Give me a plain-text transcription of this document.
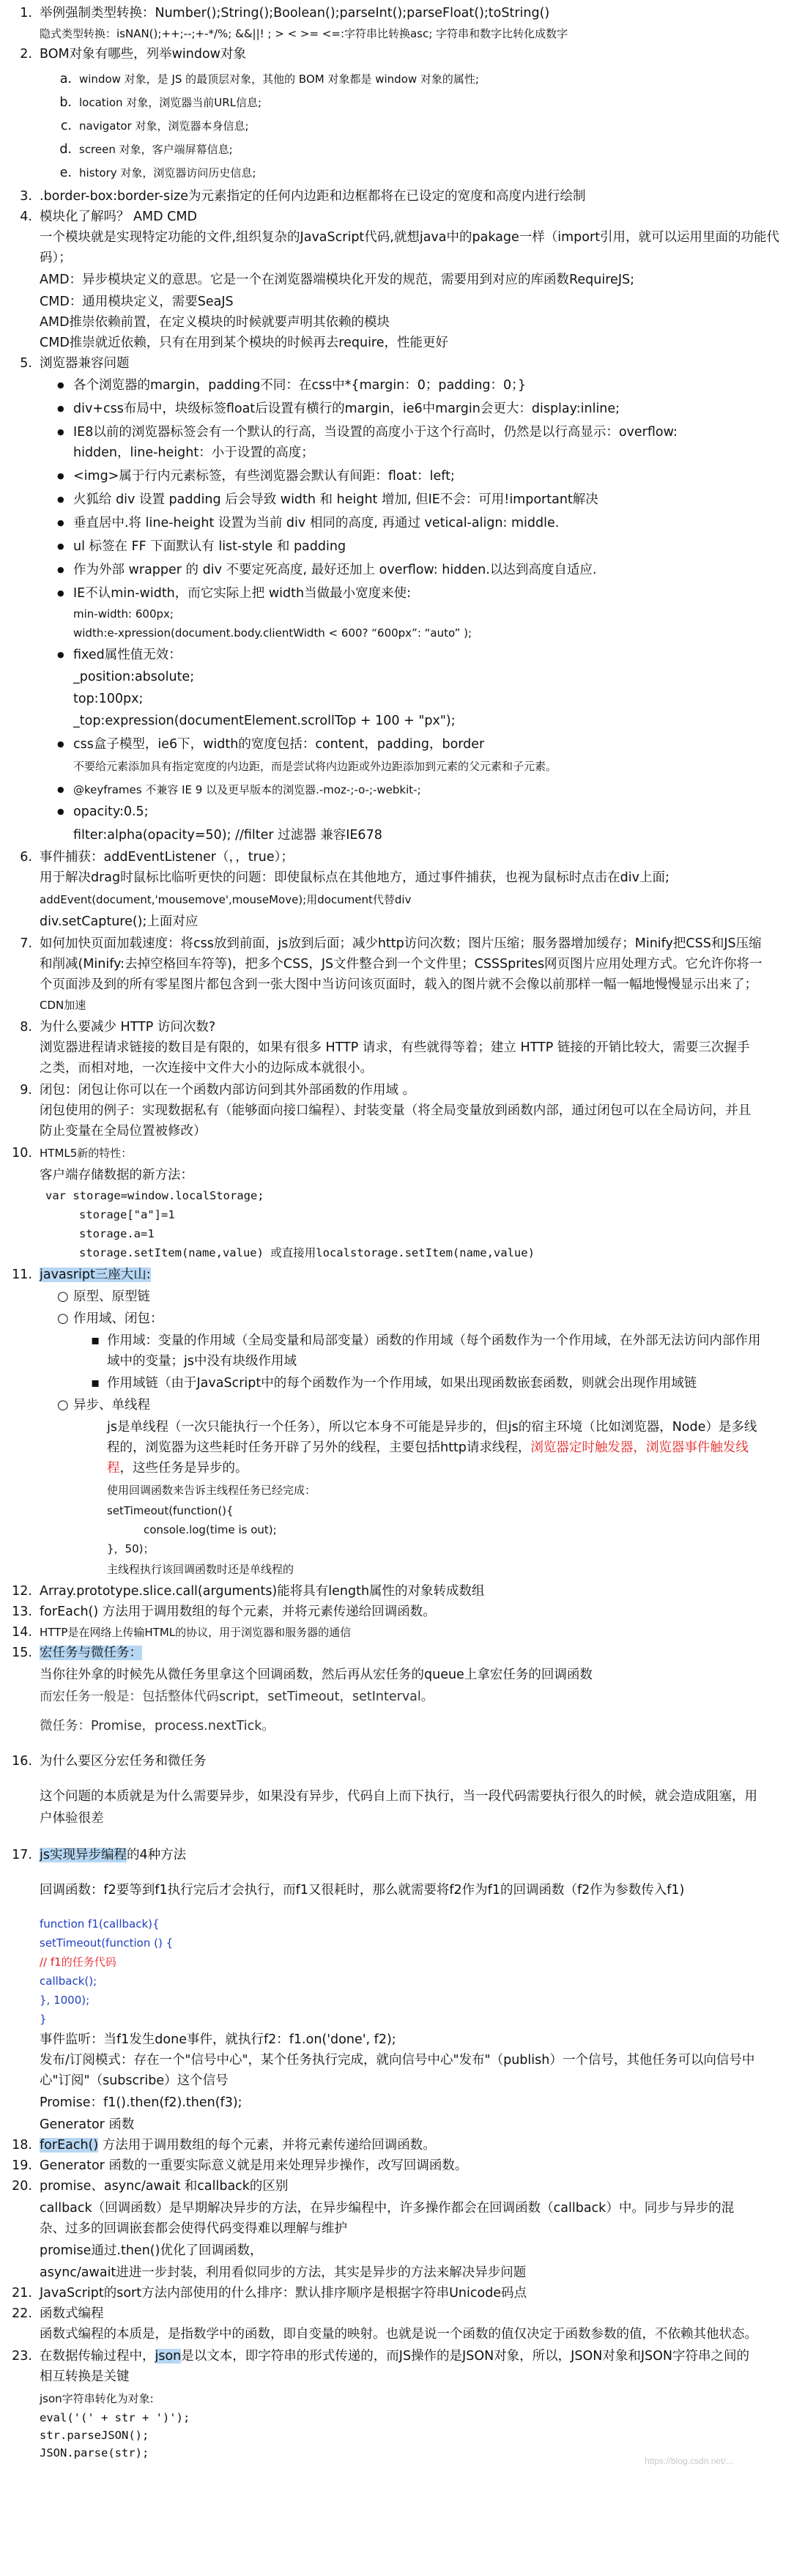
1. 举例强制类型转换：Number();String();Boolean();parseInt();parseFloat();toString()
隐式类型转换：isNAN();++;--;+-*/%; &&||! ; > < >= <=:字符串比转换asc; 字符串和数字比转化成数字
2. BOM对象有哪些，列举window对象
a. window 对象，是 JS 的最顶层对象，其他的 BOM 对象都是 window 对象的属性;
b. location 对象，浏览器当前URL信息;
c. navigator 对象，浏览器本身信息;
d. screen 对象，客户端屏幕信息;
e. history 对象，浏览器访问历史信息;
3. .border-box:border-size为元素指定的任何内边距和边框都将在已设定的宽度和高度内进行绘制
4. 模块化了解吗？ AMD CMD
一个模块就是实现特定功能的文件,组织复杂的JavaScript代码,就想java中的pakage一样（import引用，就可以运用里面的功能代
码）；
AMD：异步模块定义的意思。它是一个在浏览器端模块化开发的规范，需要用到对应的库函数RequireJS;
CMD：通用模块定义，需要SeaJS
AMD推崇依赖前置，在定义模块的时候就要声明其依赖的模块
CMD推崇就近依赖，只有在用到某个模块的时候再去require，性能更好
5. 浏览器兼容问题
● 各个浏览器的margin，padding不同：在css中*{margin：0；padding：0；}
● div+css布局中，块级标签float后设置有横行的margin，ie6中margin会更大：display:inline;
● IE8以前的浏览器标签会有一个默认的行高，当设置的高度小于这个行高时，仍然是以行高显示：overflow:
hidden，line-height：小于设置的高度；
● <img>属于行内元素标签，有些浏览器会默认有间距：float：left;
● 火狐给 div 设置 padding 后会导致 width 和 height 增加, 但IE不会：可用!important解决
● 垂直居中.将 line-height 设置为当前 div 相同的高度, 再通过 vetical-align: middle.
● ul 标签在 FF 下面默认有 list-style 和 padding
● 作为外部 wrapper 的 div 不要定死高度, 最好还加上 overflow: hidden.以达到高度自适应.
● IE不认min-width，而它实际上把 width当做最小宽度来使:
min-width: 600px;
width:e-xpression(document.body.clientWidth < 600? “600px”: “auto” );
● fixed属性值无效：
_position:absolute;
top:100px;
_top:expression(documentElement.scrollTop + 100 + "px");
● css盒子模型，ie6下，width的宽度包括：content，padding，border
不要给元素添加具有指定宽度的内边距，而是尝试将内边距或外边距添加到元素的父元素和子元素。
● @keyframes 不兼容 IE 9 以及更早版本的浏览器.-moz-;-o-;-webkit-;
● opacity:0.5;
filter:alpha(opacity=50); //filter 过滤器 兼容IE678
6. 事件捕获：addEventListener（，，true）；
用于解决drag时鼠标比临听更快的问题：即使鼠标点在其他地方，通过事件捕获，也视为鼠标时点击在div上面;
addEvent(document,'mousemove',mouseMove);用document代替div
div.setCapture();上面对应
7. 如何加快页面加载速度：将css放到前面，js放到后面；减少http访问次数；图片压缩；服务器增加缓存；Minify把CSS和JS压缩
和削减(Minify:去掉空格回车符等)，把多个CSS，JS文件整合到一个文件里；CSSSprites网页图片应用处理方式。它允许你将一
个页面涉及到的所有零星图片都包含到一张大图中当访问该页面时，载入的图片就不会像以前那样一幅一幅地慢慢显示出来了；
CDN加速
8. 为什么要减少 HTTP 访问次数?
浏览器进程请求链接的数目是有限的，如果有很多 HTTP 请求，有些就得等着；建立 HTTP 链接的开销比较大，需要三次握手
之类，而相对地，一次连接中文件大小的边际成本就很小。
9. 闭包：闭包让你可以在一个函数内部访问到其外部函数的作用域 。
闭包使用的例子：实现数据私有（能够面向接口编程）、封装变量（将全局变量放到函数内部，通过闭包可以在全局访问，并且
防止变量在全局位置被修改）
10. HTML5新的特性：
客户端存储数据的新方法：
var storage=window.localStorage;
storage["a"]=1
storage.a=1
storage.setItem(name,value) 或直接用localstorage.setItem(name,value)
11. javasript三座大山:
○ 原型、原型链
○ 作用域、闭包：
▪ 作用域：变量的作用域（全局变量和局部变量）函数的作用域（每个函数作为一个作用域，在外部无法访问内部作用
域中的变量；js中没有块级作用域
▪ 作用域链（由于JavaScript中的每个函数作为一个作用域，如果出现函数嵌套函数，则就会出现作用域链
○ 异步、单线程
js是单线程（一次只能执行一个任务），所以它本身不可能是异步的，但js的宿主环境（比如浏览器，Node）是多线
程的，浏览器为这些耗时任务开辟了另外的线程，主要包括http请求线程，浏览器定时触发器，浏览器事件触发线
程，这些任务是异步的。
使用回调函数来告诉主线程任务已经完成：
setTimeout(function(){
console.log(time is out);
}，50)；
主线程执行该回调函数时还是单线程的
12. Array.prototype.slice.call(arguments)能将具有length属性的对象转成数组
13. forEach() 方法用于调用数组的每个元素，并将元素传递给回调函数。
14. HTTP是在网络上传输HTML的协议，用于浏览器和服务器的通信
15. 宏任务与微任务：
当你往外拿的时候先从微任务里拿这个回调函数，然后再从宏任务的queue上拿宏任务的回调函数
而宏任务一般是：包括整体代码script，setTimeout，setInterval。
微任务：Promise，process.nextTick。
16. 为什么要区分宏任务和微任务
这个问题的本质就是为什么需要异步，如果没有异步，代码自上而下执行，当一段代码需要执行很久的时候，就会造成阻塞，用
户体验很差
17. js实现异步编程的4种方法
回调函数：f2要等到f1执行完后才会执行，而f1又很耗时，那么就需要将f2作为f1的回调函数（f2作为参数传入f1)
function f1(callback){
setTimeout(function () {
// f1的任务代码
callback();
}, 1000);
}
事件监听：当f1发生done事件，就执行f2：f1.on('done', f2);
发布/订阅模式：存在一个"信号中心"，某个任务执行完成，就向信号中心"发布"（publish）一个信号，其他任务可以向信号中
心"订阅"（subscribe）这个信号
Promise：f1().then(f2).then(f3);
Generator 函数
18. forEach() 方法用于调用数组的每个元素，并将元素传递给回调函数。
19. Generator 函数的一重要实际意义就是用来处理异步操作，改写回调函数。
20. promise、async/await 和callback的区别
callback（回调函数）是早期解决异步的方法，在异步编程中，许多操作都会在回调函数（callback）中。同步与异步的混
杂、过多的回调嵌套都会使得代码变得难以理解与维护
promise通过.then()优化了回调函数，
async/await进进一步封装，利用看似同步的方法，其实是异步的方法来解决异步问题
21. JavaScript的sort方法内部使用的什么排序：默认排序顺序是根据字符串Unicode码点
22. 函数式编程
函数式编程的本质是，是指数学中的函数，即自变量的映射。也就是说一个函数的值仅决定于函数参数的值，不依赖其他状态。
23. 在数据传输过程中，json是以文本，即字符串的形式传递的，而JS操作的是JSON对象，所以，JSON对象和JSON字符串之间的
相互转换是关键
json字符串转化为对象:
eval('(' + str + ')');
str.parseJSON();
JSON.parse(str);
https://blog.csdn.net/...
